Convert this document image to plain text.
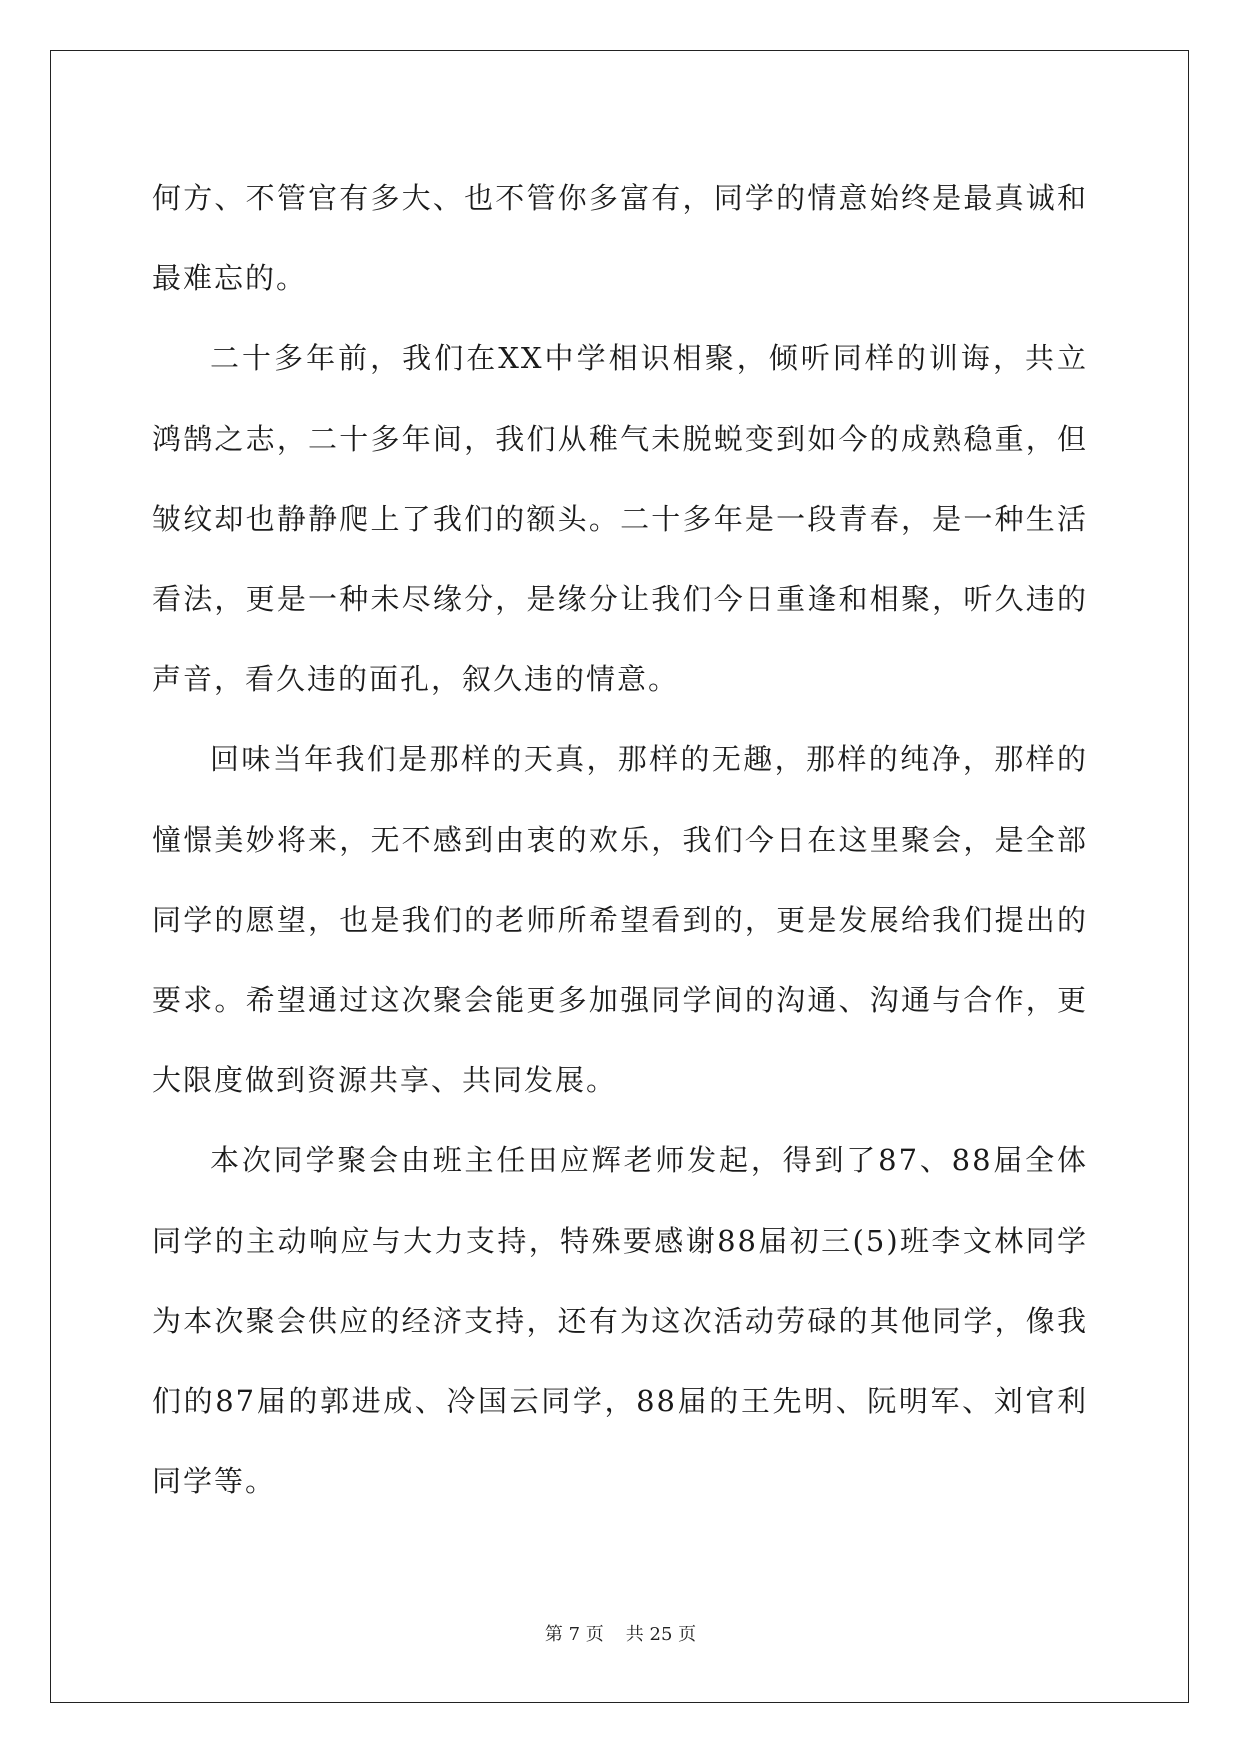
何方、不管官有多大、也不管你多富有，同学的情意始终是最真诚和最难忘的。

二十多年前，我们在XX中学相识相聚，倾听同样的训诲，共立鸿鹄之志，二十多年间，我们从稚气未脱蜕变到如今的成熟稳重，但皱纹却也静静爬上了我们的额头。二十多年是一段青春，是一种生活看法，更是一种未尽缘分，是缘分让我们今日重逢和相聚，听久违的声音，看久违的面孔，叙久违的情意。

回味当年我们是那样的天真，那样的无趣，那样的纯净，那样的憧憬美妙将来，无不感到由衷的欢乐，我们今日在这里聚会，是全部同学的愿望，也是我们的老师所希望看到的，更是发展给我们提出的要求。希望通过这次聚会能更多加强同学间的沟通、沟通与合作，更大限度做到资源共享、共同发展。

本次同学聚会由班主任田应辉老师发起，得到了87、88届全体同学的主动响应与大力支持，特殊要感谢88届初三(5)班李文林同学为本次聚会供应的经济支持，还有为这次活动劳碌的其他同学，像我们的87届的郭进成、冷国云同学，88届的王先明、阮明军、刘官利同学等。

第 7 页 共 25 页
